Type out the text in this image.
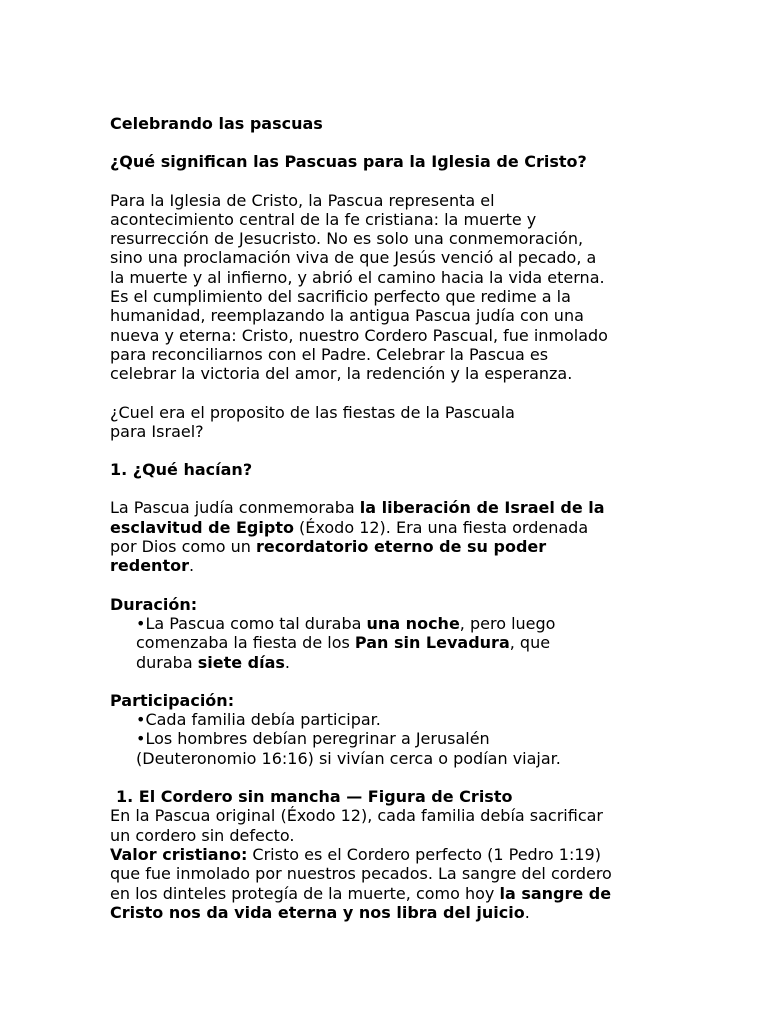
Celebrando las pascuas

¿Qué significan las Pascuas para la Iglesia de Cristo?

Para la Iglesia de Cristo, la Pascua representa el

acontecimiento central de la fe cristiana: la muerte y

resurrección de Jesucristo. No es solo una conmemoración,

sino una proclamación viva de que Jesús venció al pecado, a

la muerte y al infierno, y abrió el camino hacia la vida eterna.

Es el cumplimiento del sacrificio perfecto que redime a la

humanidad, reemplazando la antigua Pascua judía con una

nueva y eterna: Cristo, nuestro Cordero Pascual, fue inmolado

para reconciliarnos con el Padre. Celebrar la Pascua es

celebrar la victoria del amor, la redención y la esperanza.

¿Cuel era el proposito de las fiestas de la Pascuala

para Israel?

1. ¿Qué hacían?

La Pascua judía conmemoraba la liberación de Israel de la

esclavitud de Egipto (Éxodo 12). Era una fiesta ordenada

por Dios como un recordatorio eterno de su poder

redentor.

Duración:

• La Pascua como tal duraba una noche, pero luego

comenzaba la fiesta de los Pan sin Levadura, que

duraba siete días.

Participación:

• Cada familia debía participar.

• Los hombres debían peregrinar a Jerusalén

(Deuteronomio 16:16) si vivían cerca o podían viajar.

1. El Cordero sin mancha — Figura de Cristo

En la Pascua original (Éxodo 12), cada familia debía sacrificar

un cordero sin defecto.

Valor cristiano: Cristo es el Cordero perfecto (1 Pedro 1:19)

que fue inmolado por nuestros pecados. La sangre del cordero

en los dinteles protegía de la muerte, como hoy la sangre de

Cristo nos da vida eterna y nos libra del juicio.
